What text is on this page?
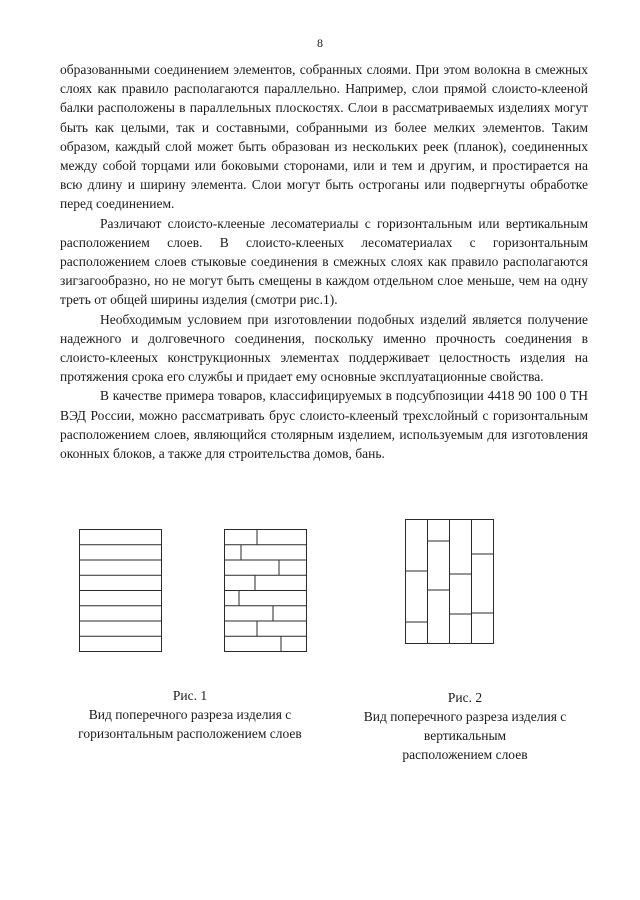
8

образованными соединением элементов, собранных слоями. При этом волокна в смежных слоях как правило располагаются параллельно. Например, слои прямой слоисто-клееной балки расположены в параллельных плоскостях. Слои в рассматриваемых изделиях могут быть как целыми, так и составными, собранными из более мелких элементов. Таким образом, каждый слой может быть образован из нескольких реек (планок), соединенных между собой торцами или боковыми сторонами, или и тем и другим, и простирается на всю длину и ширину элемента. Слои могут быть остроганы или подвергнуты обработке перед соединением.

Различают слоисто-клееные лесоматериалы с горизонтальным или вертикальным расположением слоев. В слоисто-клееных лесоматериалах с горизонтальным расположением слоев стыковые соединения в смежных слоях как правило располагаются зигзагообразно, но не могут быть смещены в каждом отдельном слое меньше, чем на одну треть от общей ширины изделия (смотри рис.1).

Необходимым условием при изготовлении подобных изделий является получение надежного и долговечного соединения, поскольку именно прочность соединения в слоисто-клееных конструкционных элементах поддерживает целостность изделия на протяжения срока его службы и придает ему основные эксплуатационные свойства.

В качестве примера товаров, классифицируемых в подсубпозиции 4418 90 100 0 ТН ВЭД России, можно рассматривать брус слоисто-клееный трехслойный с горизонтальным расположением слоев, являющийся столярным изделием, используемым для изготовления оконных блоков, а также для строительства домов, бань.

Рис. 1
Вид поперечного разреза изделия с
горизонтальным расположением слоев
Рис. 2
Вид поперечного разреза изделия с
вертикальным
расположением слоев
